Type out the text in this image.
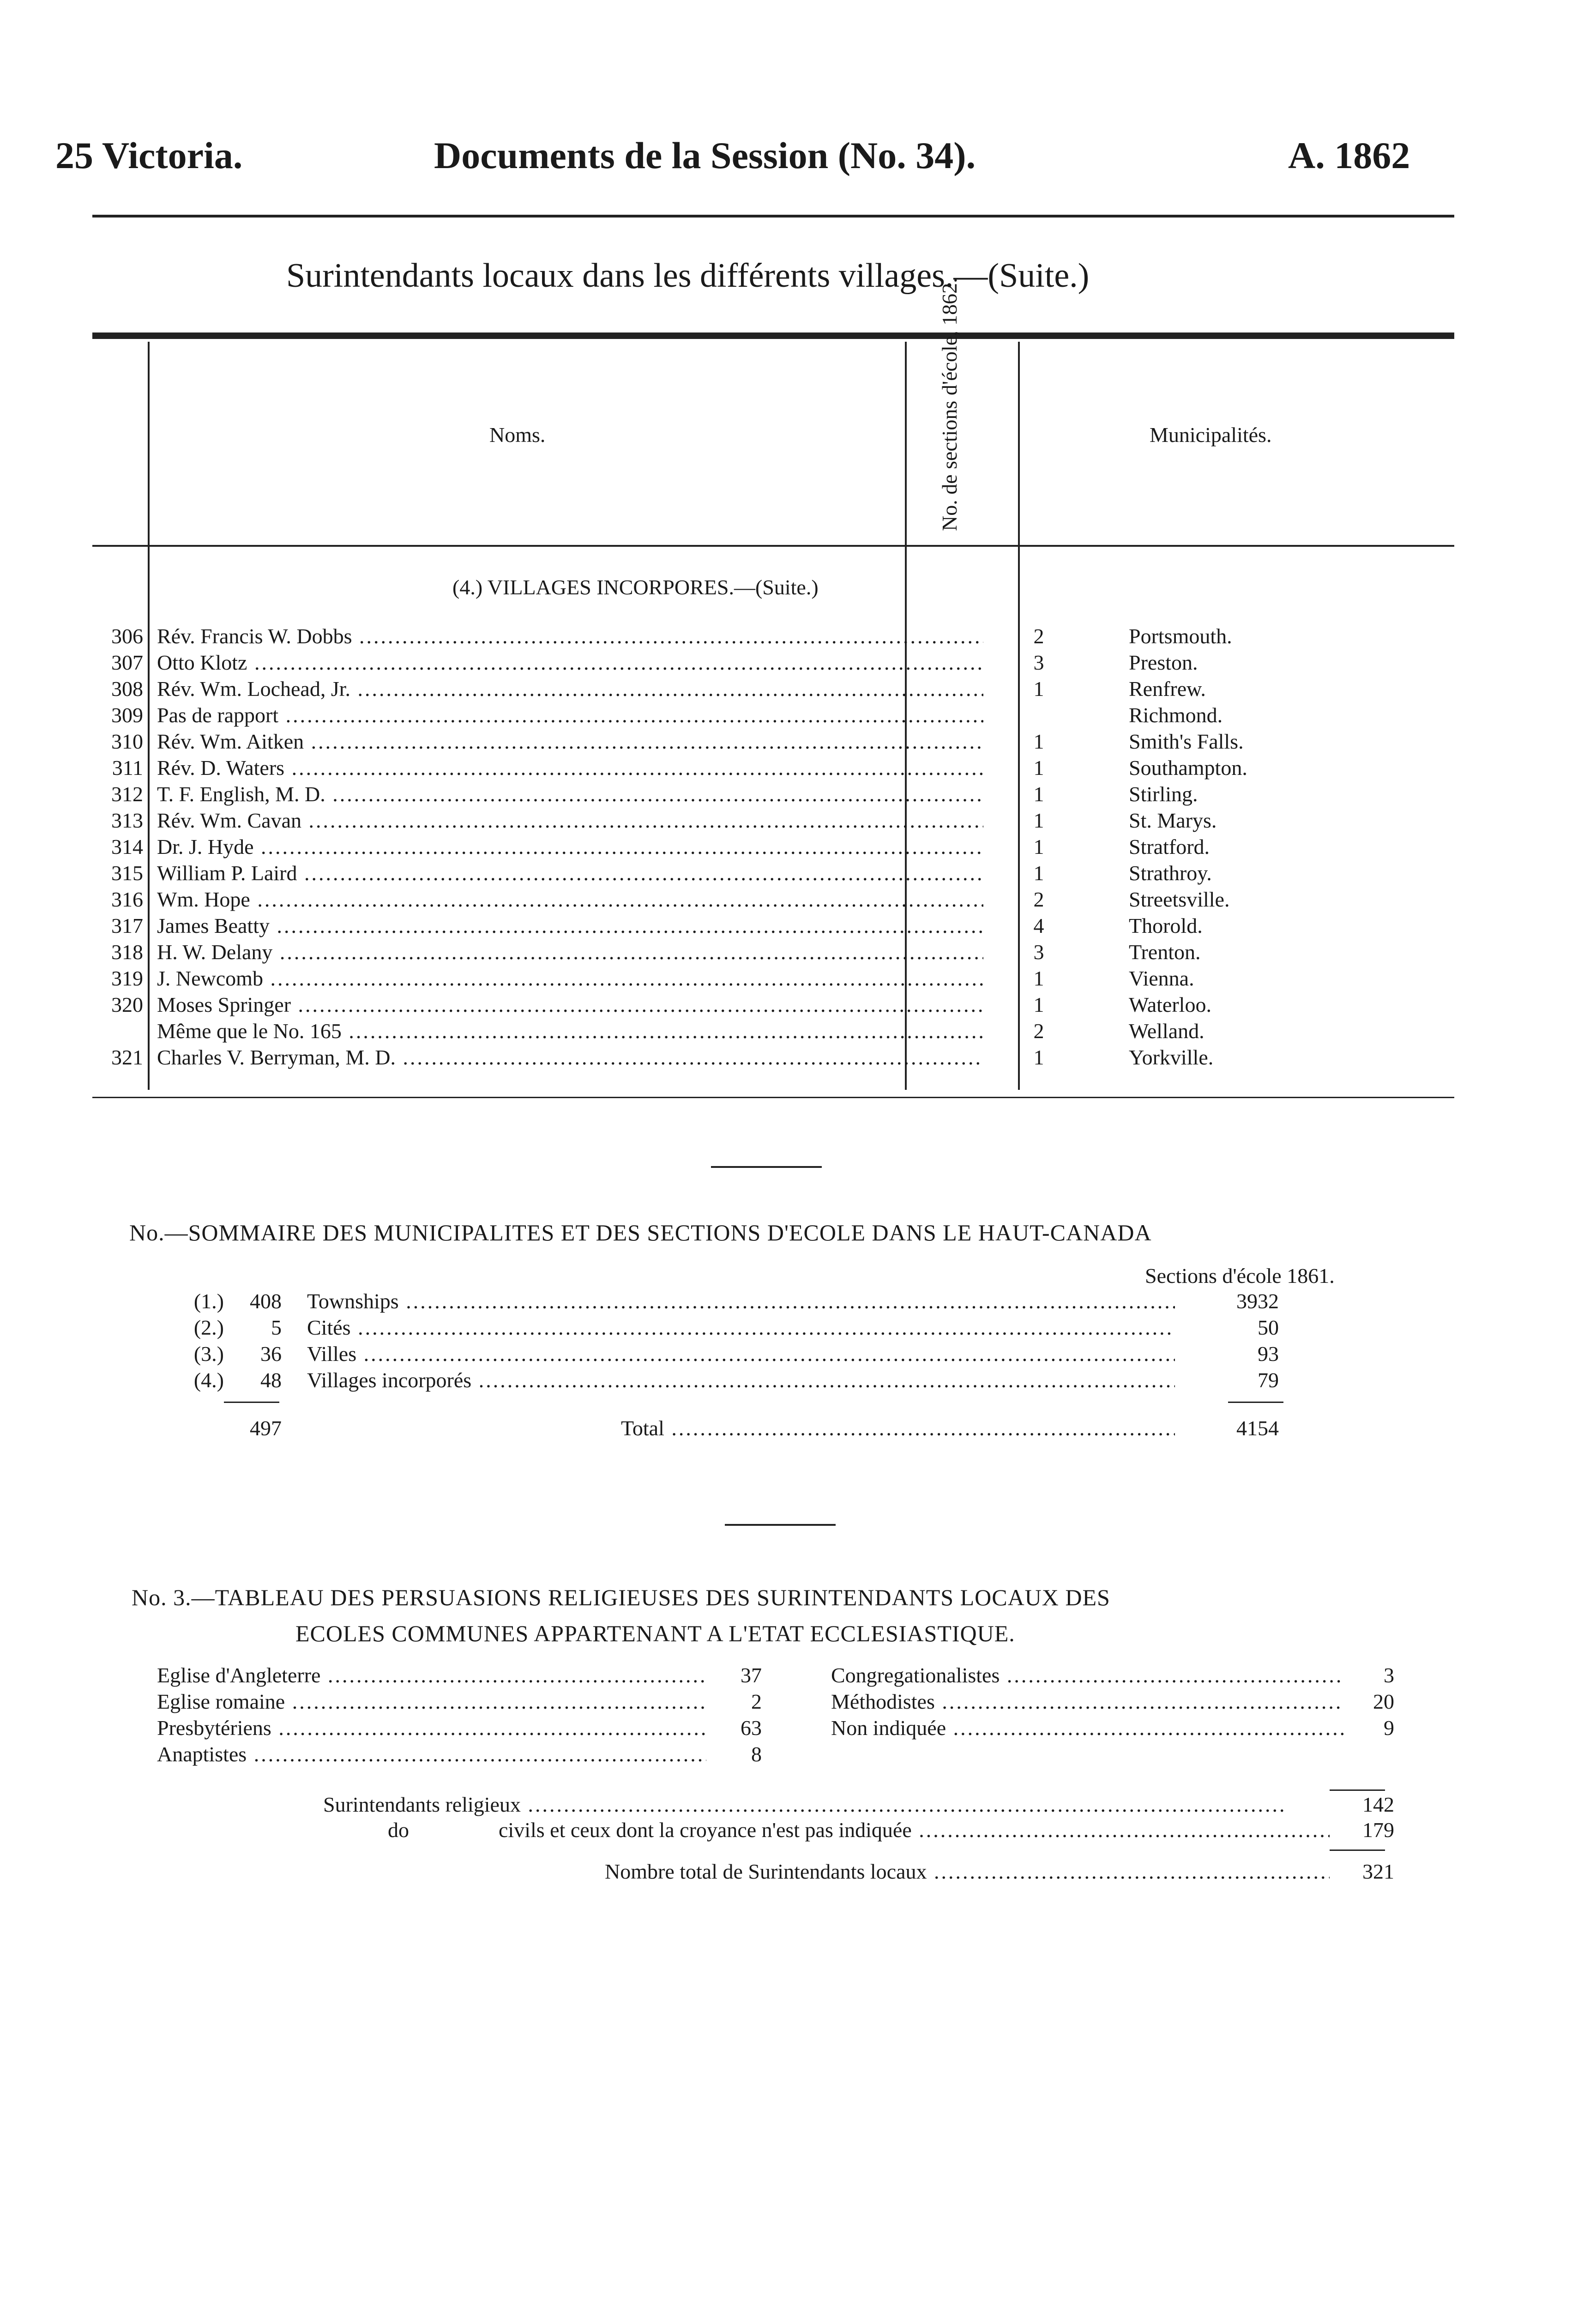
25 Victoria.	Documents de la Session (No. 34).	A. 1862
Surintendants locaux dans les différents villages.—(Suite.)
Noms.	No. de sections d'école, 1862.	Municipalités.
(4.) VILLAGES INCORPORES.—(Suite.)
306 Rév. Francis W. Dobbs .....	2	Portsmouth.
307 Otto Klotz .....	3	Preston.
308 Rév. Wm. Lochead, Jr. .....	1	Renfrew.
309 Pas de rapport .....	Richmond.
310 Rév. Wm. Aitken .....	1	Smith's Falls.
311 Rév. D. Waters .....	1	Southampton.
312 T. F. English, M. D. .....	1	Stirling.
313 Rév. Wm. Cavan .....	1	St. Marys.
314 Dr. J. Hyde .....	1	Stratford.
315 William P. Laird .....	1	Strathroy.
316 Wm. Hope .....	2	Streetsville.
317 James Beatty .....	4	Thorold.
318 H. W. Delany .....	3	Trenton.
319 J. Newcomb .....	1	Vienna.
320 Moses Springer .....	1	Waterloo.
Même que le No. 165 .....	2	Welland.
321 Charles V. Berryman, M. D. .....	1	Yorkville.
No.—SOMMAIRE DES MUNICIPALITES ET DES SECTIONS D'ECOLE DANS LE HAUT-CANADA
Sections d'école 1861.
(1.)	408 Townships .....	3932
(2.)	5 Cités .....	50
(3.)	36 Villes .....	93
(4.)	48 Villages incorporés .....	79
497	Total .....	4154
No. 3.—TABLEAU DES PERSUASIONS RELIGIEUSES DES SURINTENDANTS LOCAUX DES
ECOLES COMMUNES APPARTENANT A L'ETAT ECCLESIASTIQUE.
Eglise d'Angleterre .....	37
Eglise romaine .....	2
Presbytériens .....	63
Anaptistes .....	8
Congregationalistes .....	3
Méthodistes .....	20
Non indiquée .....	9
Surintendants religieux .....	142
do	civils et ceux dont la croyance n'est pas indiquée .....	179
Nombre total de Surintendants locaux .....	321
